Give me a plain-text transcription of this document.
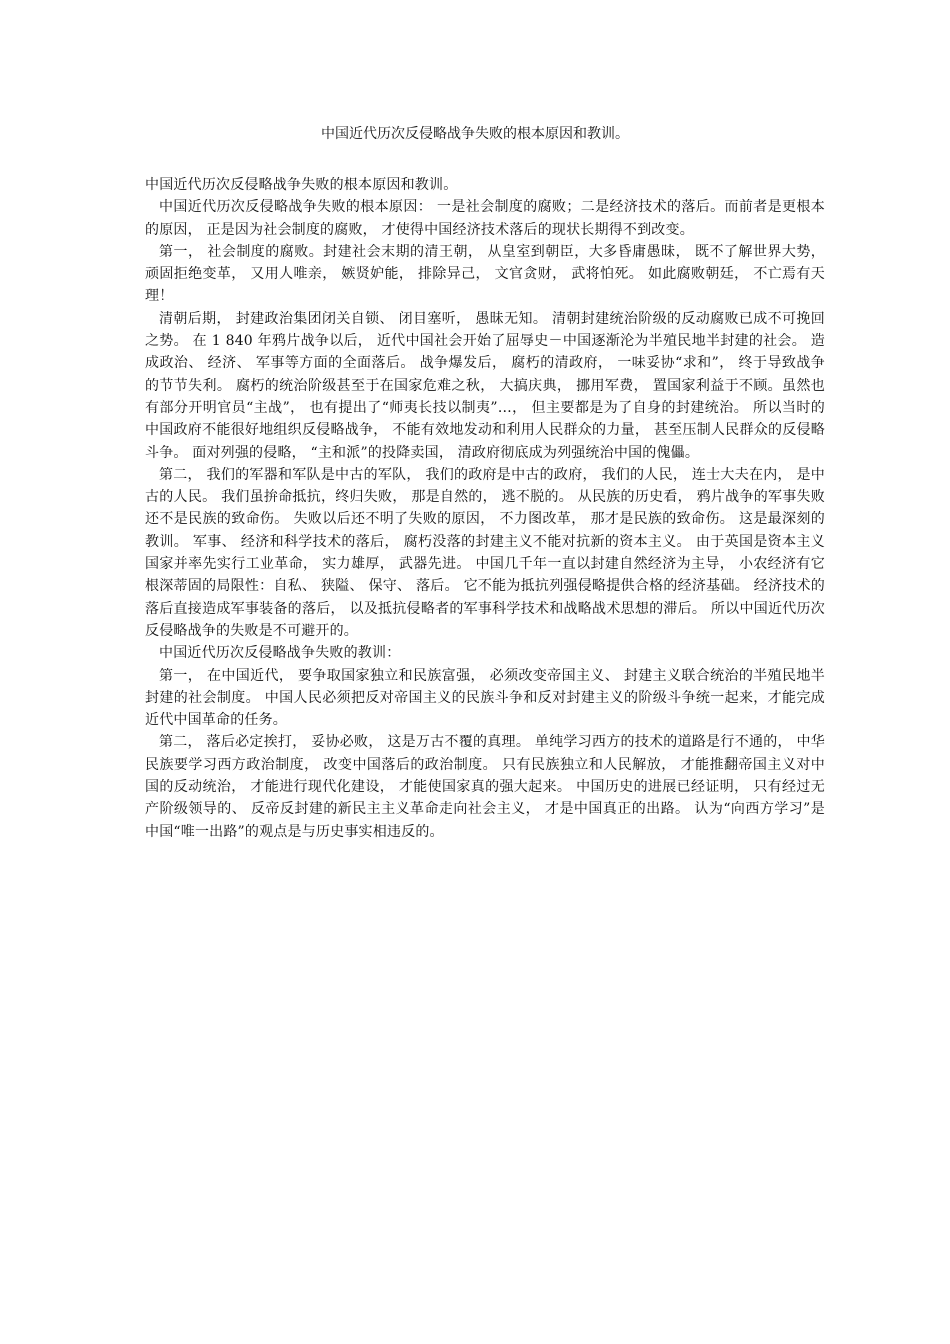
中国近代历次反侵略战争失败的根本原因和教训。

中国近代历次反侵略战争失败的根本原因和教训。

中国近代历次反侵略战争失败的根本原因： 一是社会制度的腐败；二是经济技术的落后。而前者是更根本的原因， 正是因为社会制度的腐败， 才使得中国经济技术落后的现状长期得不到改变。

第一， 社会制度的腐败。封建社会末期的清王朝， 从皇室到朝臣，大多昏庸愚昧， 既不了解世界大势， 顽固拒绝变革， 又用人唯亲， 嫉贤妒能， 排除异己， 文官贪财， 武将怕死。 如此腐败朝廷， 不亡焉有天理！

清朝后期， 封建政治集团闭关自锁、 闭目塞听， 愚昧无知。 清朝封建统治阶级的反动腐败已成不可挽回之势。 在 1 840 年鸦片战争以后， 近代中国社会开始了屈辱史－中国逐渐沦为半殖民地半封建的社会。 造成政治、 经济、 军事等方面的全面落后。 战争爆发后， 腐朽的清政府， 一味妥协“求和”， 终于导致战争的节节失利。 腐朽的统治阶级甚至于在国家危难之秋， 大搞庆典， 挪用军费， 置国家利益于不顾。虽然也有部分开明官员“主战”， 也有提出了“师夷长技以制夷”…， 但主要都是为了自身的封建统治。 所以当时的中国政府不能很好地组织反侵略战争， 不能有效地发动和利用人民群众的力量， 甚至压制人民群众的反侵略斗争。 面对列强的侵略， “主和派”的投降卖国， 清政府彻底成为列强统治中国的傀儡。

第二， 我们的军器和军队是中古的军队， 我们的政府是中古的政府， 我们的人民， 连士大夫在内， 是中古的人民。 我们虽拚命抵抗，终归失败， 那是自然的， 逃不脱的。 从民族的历史看， 鸦片战争的军事失败还不是民族的致命伤。 失败以后还不明了失败的原因， 不力图改革， 那才是民族的致命伤。 这是最深刻的教训。 军事、 经济和科学技术的落后， 腐朽没落的封建主义不能对抗新的资本主义。 由于英国是资本主义国家并率先实行工业革命， 实力雄厚， 武器先进。 中国几千年一直以封建自然经济为主导， 小农经济有它根深蒂固的局限性：自私、 狭隘、 保守、 落后。 它不能为抵抗列强侵略提供合格的经济基础。 经济技术的落后直接造成军事装备的落后， 以及抵抗侵略者的军事科学技术和战略战术思想的滞后。 所以中国近代历次反侵略战争的失败是不可避开的。

中国近代历次反侵略战争失败的教训：

第一， 在中国近代， 要争取国家独立和民族富强， 必须改变帝国主义、 封建主义联合统治的半殖民地半封建的社会制度。 中国人民必须把反对帝国主义的民族斗争和反对封建主义的阶级斗争统一起来，才能完成近代中国革命的任务。

第二， 落后必定挨打， 妥协必败， 这是万古不覆的真理。 单纯学习西方的技术的道路是行不通的， 中华民族要学习西方政治制度， 改变中国落后的政治制度。 只有民族独立和人民解放， 才能推翻帝国主义对中国的反动统治， 才能进行现代化建设， 才能使国家真的强大起来。 中国历史的进展已经证明， 只有经过无产阶级领导的、 反帝反封建的新民主主义革命走向社会主义， 才是中国真正的出路。 认为“向西方学习”是中国“唯一出路”的观点是与历史事实相违反的。
